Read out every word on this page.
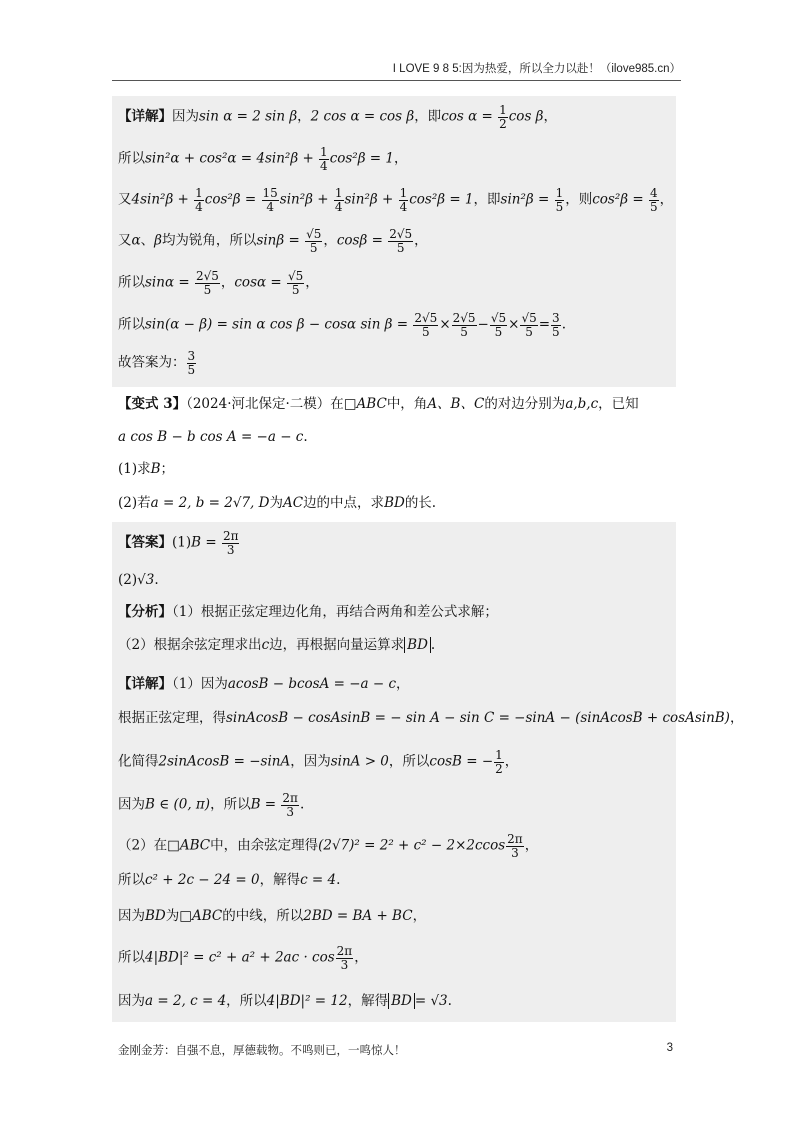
I LOVE 9 8 5:因为热爱，所以全力以赴！（ilove985.cn）
【详解】因为sin α = 2 sin β，2 cos α = cos β，即$\cos \alpha = \frac{1}{2}$ cos β，
所以$\sin^2\alpha + \cos^2\alpha = 4\sin^2\beta + \frac{1}{4} \cos^2\beta = 1$，
又$4\sin^2\beta + \frac{1}{4} \cos^2\beta = \frac{15}{4} \sin^2\beta + \frac{1}{4} \sin^2\beta + \frac{1}{4} \cos^2\beta = 1$，即$\sin^2\beta = \frac{1}{5}$ ，则$\cos^2\beta = \frac{4}{5}$ ，
又α、β均为锐角，所以$\sin\beta = \frac{√5}{5}$ ，$\cos\beta = \frac{2√5}{5}$ ，
所以$\sin\alpha = \frac{2√5}{5}$ ，$\cos\alpha = \frac{√5}{5}$ ，
所以sin(α − β) = sin α cos β − cosα $\sin \beta = \frac{2√5}{5} \times \frac{2√5}{5} - \frac{√5}{5} \times \frac{√5}{5} = \frac{3}{5}$ .
故答案为： $\frac{3}{5}$
【变式 3】（2024·河北保定·二模）在□ABC中，角A、B、C的对边分别为a,b,c，已知
a cos B − b cos A = −a − c.
(1)求B；
(2)若a = 2, b = 2√7, D为AC边的中点，求BD的长.
【答案】$(1)B = \frac{2\pi}{3}$
(2)√3.
【分析】（1）根据正弦定理边化角，再结合两角和差公式求解；
（2）根据余弦定理求出c边，再根据向量运算求 BD .
【详解】（1）因为acosB − bcosA = −a − c，
根据正弦定理，得sinAcosB − cosAsinB = − sin A − sin C = −sinA − (sinAcosB + cosAsinB)，
化简得2sinAcosB = −sinA，因为sinA > 0，所以cosB = − $\frac{1}{2}$ ，
因为B ∈ (0, π)，所以$B = \frac{2\pi}{3}$ .
（2）在□ABC中，由余弦定理得$(2√7)^2 = 2^2 + c^2 - 2\times 2ccos \frac{2\pi}{3}$ ，
所以c² + 2c − 24 = 0，解得c = 4.
因为BD为□ABC的中线，所以2BD = BA + BC，
所以$4|BD|^2 = c^2 + a^2 + 2ac \cdot \cos \frac{2\pi}{3}$ ，
因为a = 2, c = 4，所以4|BD|² = 12，解得 BD = √3.
金刚金芳：自强不息，厚德载物。不鸣则已，一鸣惊人！	3
